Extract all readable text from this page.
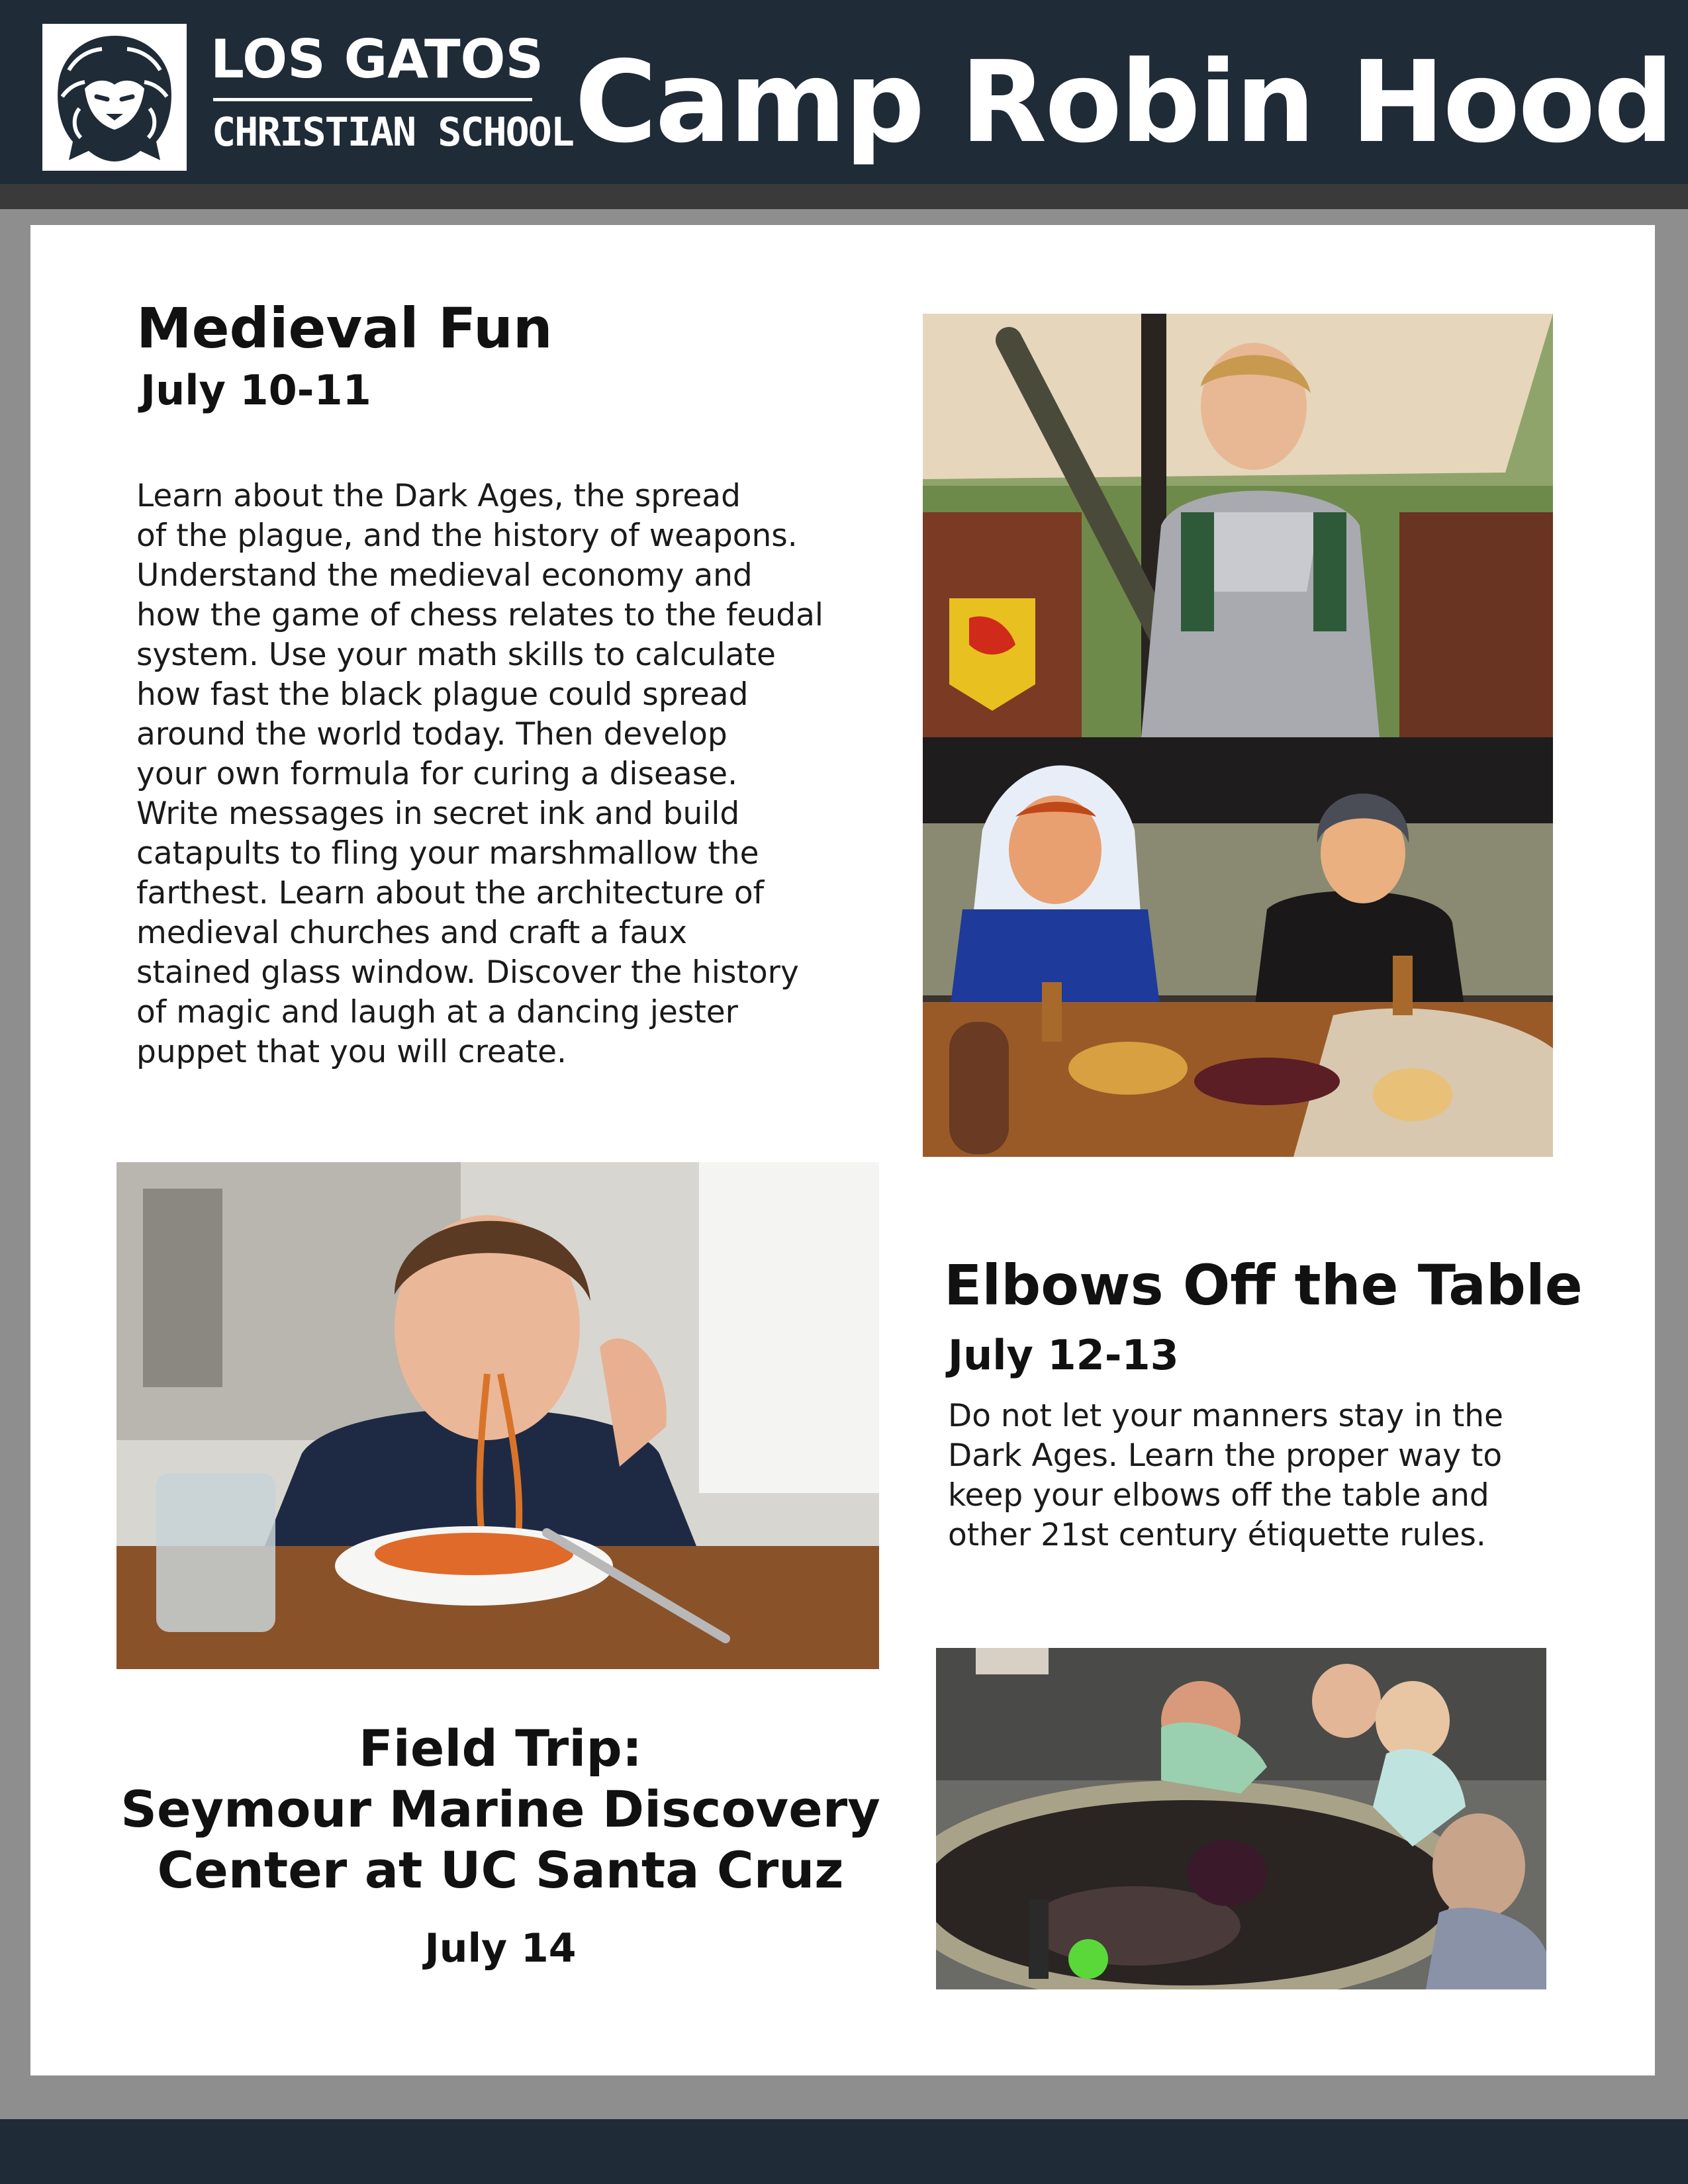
LOS GATOS
CHRISTIAN SCHOOL Camp Robin Hood
Medieval Fun
July 10-11
Learn about the Dark Ages, the spread
of the plague, and the history of weapons.
Understand the medieval economy and
how the game of chess relates to the feudal
system. Use your math skills to calculate
how fast the black plague could spread
around the world today. Then develop
your own formula for curing a disease.
Write messages in secret ink and build
catapults to fling your marshmallow the
farthest. Learn about the architecture of
medieval churches and craft a faux
stained glass window. Discover the history
of magic and laugh at a dancing jester
puppet that you will create.
Elbows Off the Table
July 12-13
Do not let your manners stay in the
Dark Ages. Learn the proper way to
keep your elbows off the table and
other 21st century étiquette rules.
Field Trip:
Seymour Marine Discovery
Center at UC Santa Cruz
July 14
